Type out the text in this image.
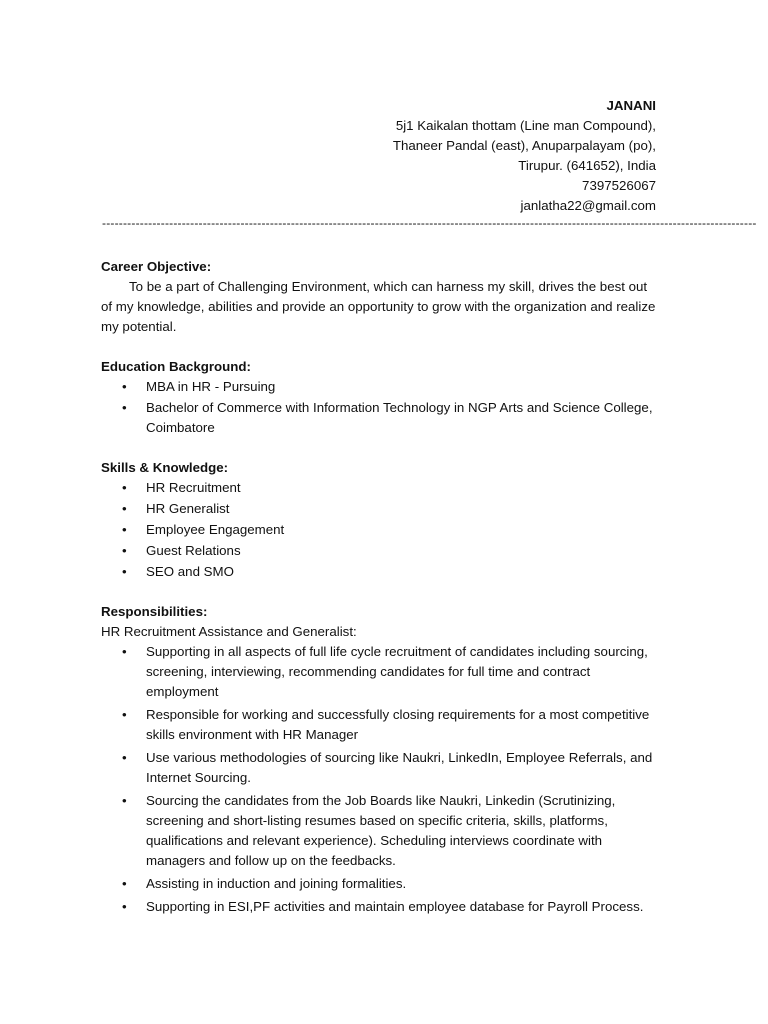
JANANI
5j1 Kaikalan thottam (Line man Compound),
Thaneer Pandal (east), Anuparpalayam (po),
Tirupur. (641652), India
7397526067
janlatha22@gmail.com
------------------------------------------------------------------------------------------------------------------------------------------------------------
Career Objective:
To be a part of Challenging Environment, which can harness my skill, drives the best out of my knowledge, abilities and provide an opportunity to grow with the organization and realize my potential.
Education Background:
• MBA in HR - Pursuing
• Bachelor of Commerce with Information Technology in NGP Arts and Science College, Coimbatore
Skills & Knowledge:
• HR Recruitment
• HR Generalist
• Employee Engagement
• Guest Relations
• SEO and SMO
Responsibilities:
HR Recruitment Assistance and Generalist:
• Supporting in all aspects of full life cycle recruitment of candidates including sourcing, screening, interviewing, recommending candidates for full time and contract employment
• Responsible for working and successfully closing requirements for a most competitive skills environment with HR Manager
• Use various methodologies of sourcing like Naukri, LinkedIn, Employee Referrals, and Internet Sourcing.
• Sourcing the candidates from the Job Boards like Naukri, Linkedin (Scrutinizing, screening and short-listing resumes based on specific criteria, skills, platforms, qualifications and relevant experience). Scheduling interviews coordinate with managers and follow up on the feedbacks.
• Assisting in induction and joining formalities.
• Supporting in ESI,PF activities and maintain employee database for Payroll Process.
